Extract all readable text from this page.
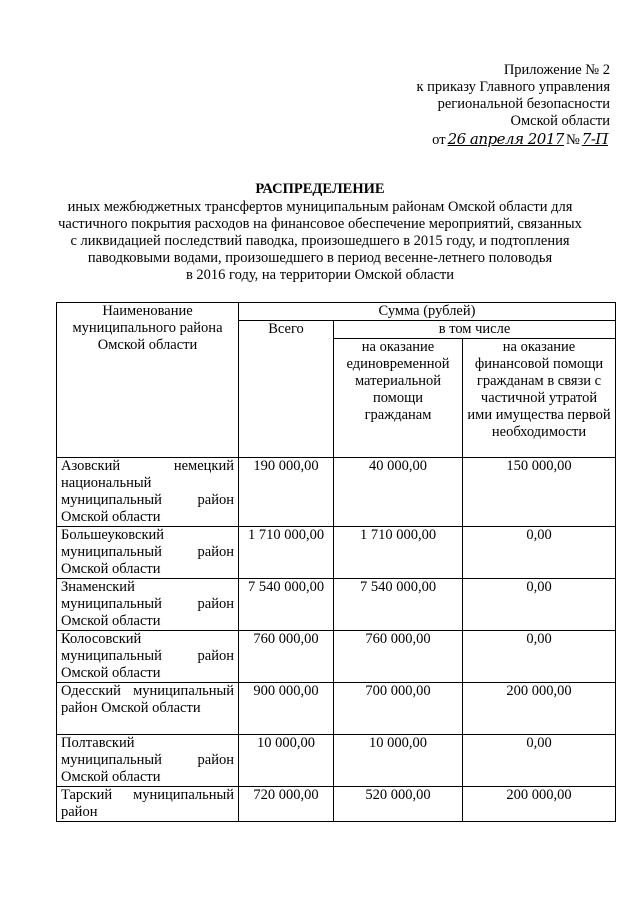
Приложение № 2
к приказу Главного управления
региональной безопасности
Омской области
от 26 апреля 2017 № 7-П
РАСПРЕДЕЛЕНИЕ
иных межбюджетных трансфертов муниципальным районам Омской области для
частичного покрытия расходов на финансовое обеспечение мероприятий, связанных
с ликвидацией последствий паводка, произошедшего в 2015 году, и подтопления
паводковыми водами, произошедшего в период весенне-летнего половодья
в 2016 году, на территории Омской области
Наименование муниципального района Омской области	Сумма (рублей)		
	Всего	в том числе	
		на оказание единовременной материальной помощи гражданам	на оказание финансовой помощи гражданам в связи с частичной утратой ими имущества первой необходимости
Азовский немецкий национальный муниципальный район Омской области	190 000,00	40 000,00	150 000,00
Большеуковский муниципальный район Омской области	1 710 000,00	1 710 000,00	0,00
Знаменский муниципальный район Омской области	7 540 000,00	7 540 000,00	0,00
Колосовский муниципальный район Омской области	760 000,00	760 000,00	0,00
Одесский муниципальный район Омской области	900 000,00	700 000,00	200 000,00
Полтавский муниципальный район Омской области	10 000,00	10 000,00	0,00
Тарский муниципальный район	720 000,00	520 000,00	200 000,00
